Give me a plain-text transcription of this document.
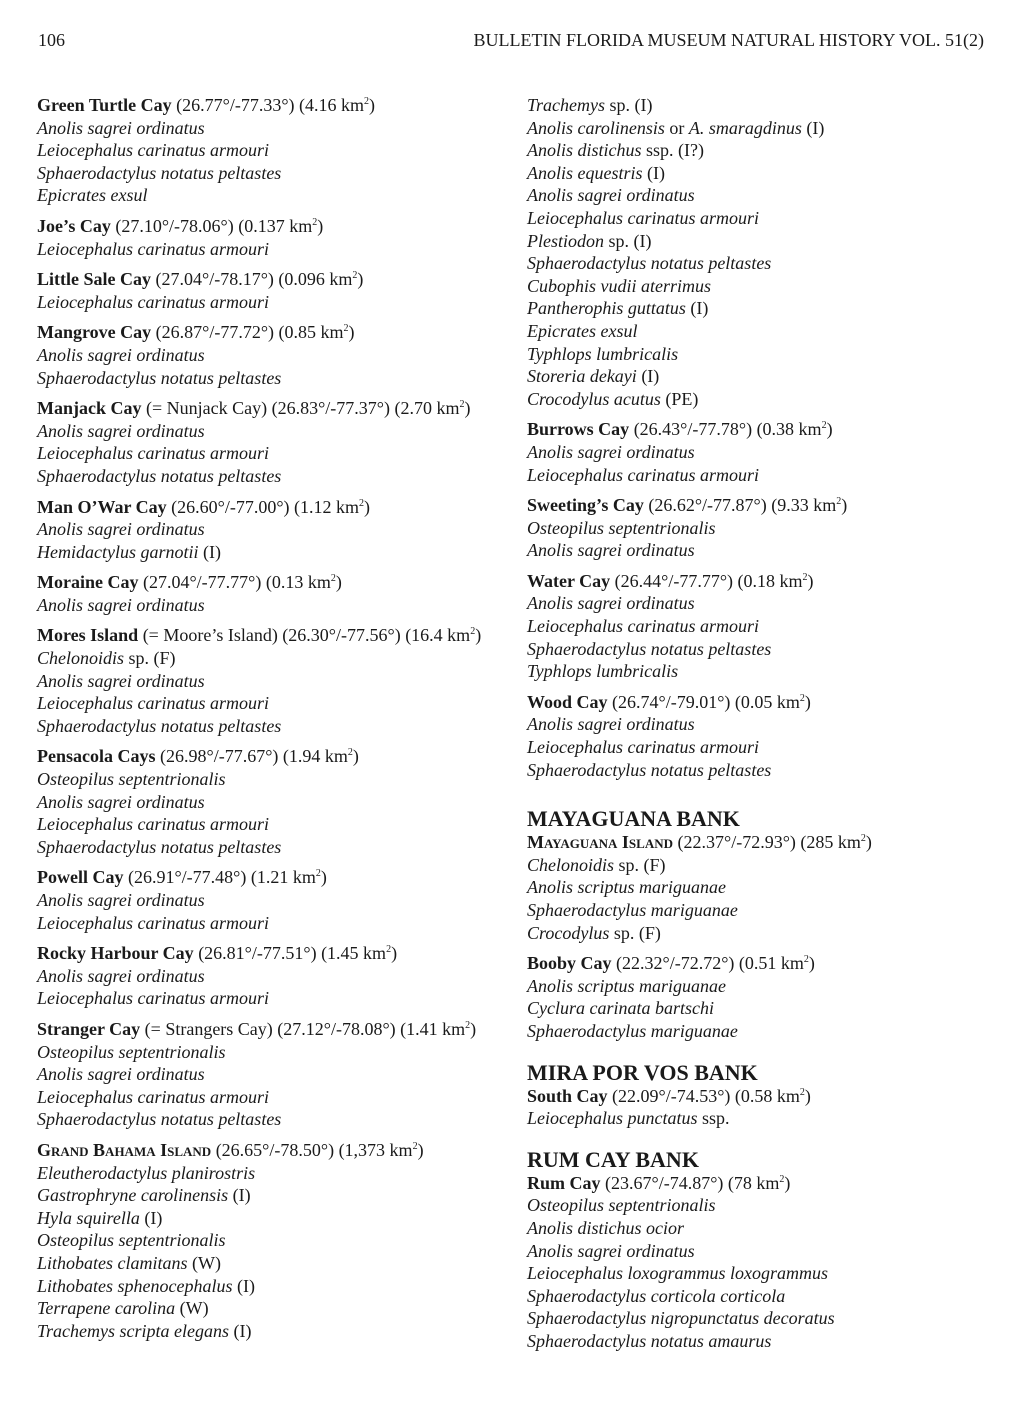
106	BULLETIN FLORIDA MUSEUM NATURAL HISTORY VOL. 51(2)
Green Turtle Cay (26.77°/-77.33°) (4.16 $km^2$)
Anolis sagrei ordinatus
Leiocephalus carinatus armouri
Sphaerodactylus notatus peltastes
Epicrates exsul
Joe’s Cay (27.10°/-78.06°) (0.137 $km^2$)
Leiocephalus carinatus armouri
Little Sale Cay (27.04°/-78.17°) (0.096 $km^2$)
Leiocephalus carinatus armouri
Mangrove Cay (26.87°/-77.72°) (0.85 $km^2$)
Anolis sagrei ordinatus
Sphaerodactylus notatus peltastes
Manjack Cay (= Nunjack Cay) (26.83°/-77.37°) (2.70 $km^2$)
Anolis sagrei ordinatus
Leiocephalus carinatus armouri
Sphaerodactylus notatus peltastes
Man O’War Cay (26.60°/-77.00°) (1.12 $km^2$)
Anolis sagrei ordinatus
Hemidactylus garnotii (I)
Moraine Cay (27.04°/-77.77°) (0.13 $km^2$)
Anolis sagrei ordinatus
Mores Island (= Moore’s Island) (26.30°/-77.56°) (16.4 $km^2$)
Chelonoidis sp. (F)
Anolis sagrei ordinatus
Leiocephalus carinatus armouri
Sphaerodactylus notatus peltastes
Pensacola Cays (26.98°/-77.67°) (1.94 $km^2$)
Osteopilus septentrionalis
Anolis sagrei ordinatus
Leiocephalus carinatus armouri
Sphaerodactylus notatus peltastes
Powell Cay (26.91°/-77.48°) (1.21 $km^2$)
Anolis sagrei ordinatus
Leiocephalus carinatus armouri
Rocky Harbour Cay (26.81°/-77.51°) (1.45 $km^2$)
Anolis sagrei ordinatus
Leiocephalus carinatus armouri
Stranger Cay (= Strangers Cay) (27.12°/-78.08°) (1.41 $km^2$)
Osteopilus septentrionalis
Anolis sagrei ordinatus
Leiocephalus carinatus armouri
Sphaerodactylus notatus peltastes
Grand Bahama Island (26.65°/-78.50°) (1,373 $km^2$)
Eleutherodactylus planirostris
Gastrophryne carolinensis (I)
Hyla squirella (I)
Osteopilus septentrionalis
Lithobates clamitans (W)
Lithobates sphenocephalus (I)
Terrapene carolina (W)
Trachemys scripta elegans (I)
Trachemys sp. (I)
Anolis carolinensis or A. smaragdinus (I)
Anolis distichus ssp. (I?)
Anolis equestris (I)
Anolis sagrei ordinatus
Leiocephalus carinatus armouri
Plestiodon sp. (I)
Sphaerodactylus notatus peltastes
Cubophis vudii aterrimus
Pantherophis guttatus (I)
Epicrates exsul
Typhlops lumbricalis
Storeria dekayi (I)
Crocodylus acutus (PE)
Burrows Cay (26.43°/-77.78°) (0.38 $km^2$)
Anolis sagrei ordinatus
Leiocephalus carinatus armouri
Sweeting’s Cay (26.62°/-77.87°) (9.33 $km^2$)
Osteopilus septentrionalis
Anolis sagrei ordinatus
Water Cay (26.44°/-77.77°) (0.18 $km^2$)
Anolis sagrei ordinatus
Leiocephalus carinatus armouri
Sphaerodactylus notatus peltastes
Typhlops lumbricalis
Wood Cay (26.74°/-79.01°) (0.05 $km^2$)
Anolis sagrei ordinatus
Leiocephalus carinatus armouri
Sphaerodactylus notatus peltastes
MAYAGUANA BANK
Mayaguana Island (22.37°/-72.93°) (285 $km^2$)
Chelonoidis sp. (F)
Anolis scriptus mariguanae
Sphaerodactylus mariguanae
Crocodylus sp. (F)
Booby Cay (22.32°/-72.72°) (0.51 $km^2$)
Anolis scriptus mariguanae
Cyclura carinata bartschi
Sphaerodactylus mariguanae
MIRA POR VOS BANK
South Cay (22.09°/-74.53°) (0.58 $km^2$)
Leiocephalus punctatus ssp.
RUM CAY BANK
Rum Cay (23.67°/-74.87°) (78 $km^2$)
Osteopilus septentrionalis
Anolis distichus ocior
Anolis sagrei ordinatus
Leiocephalus loxogrammus loxogrammus
Sphaerodactylus corticola corticola
Sphaerodactylus nigropunctatus decoratus
Sphaerodactylus notatus amaurus
